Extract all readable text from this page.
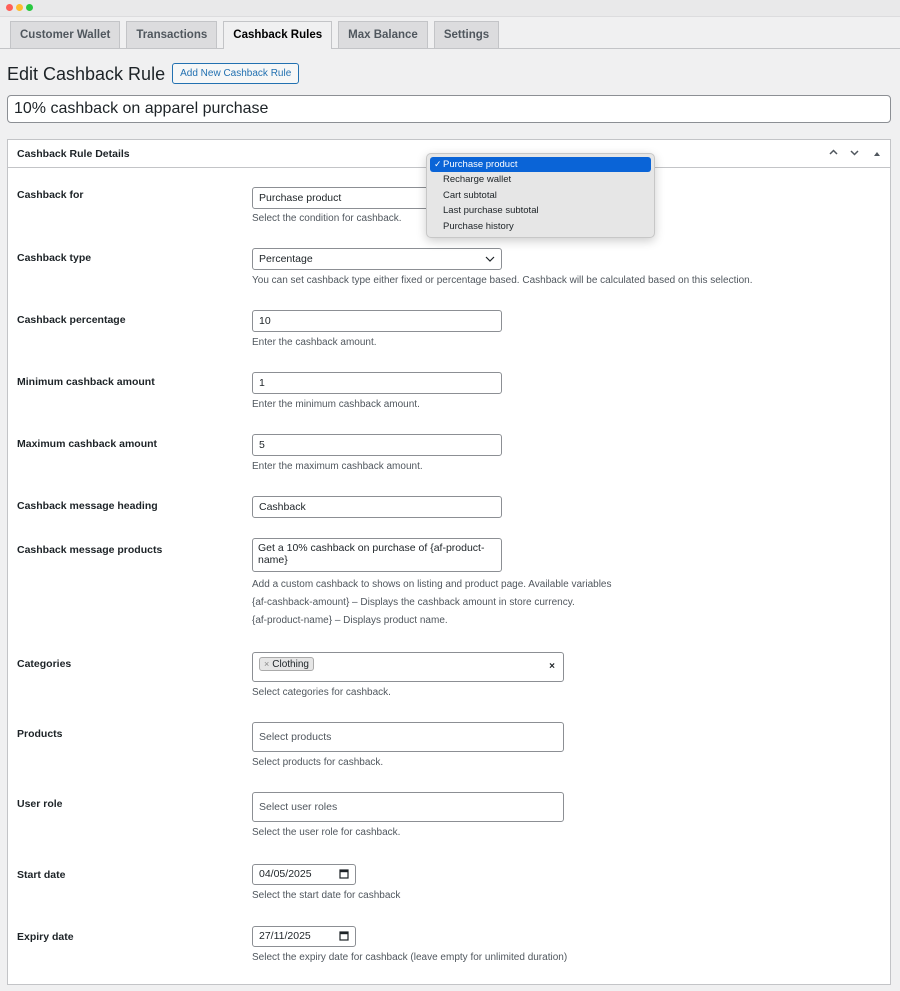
Customer Wallet	Transactions	Cashback Rules	Max Balance	Settings
Edit Cashback Rule	Add New Cashback Rule
10% cashback on apparel purchase
Cashback Rule Details

Cashback for	Purchase product
Select the condition for cashback.
Cashback type	Percentage
You can set cashback type either fixed or percentage based. Cashback will be calculated based on this selection.
Cashback percentage	10
Enter the cashback amount.
Minimum cashback amount	1
Enter the minimum cashback amount.
Maximum cashback amount	5
Enter the maximum cashback amount.
Cashback message heading	Cashback
Cashback message products	Get a 10% cashback on purchase of {af-product-name}
Add a custom cashback to shows on listing and product page. Available variables
{af-cashback-amount} – Displays the cashback amount in store currency.
{af-product-name} – Displays product name.
Categories	× Clothing	×
Select categories for cashback.
Products	Select products
Select products for cashback.
User role	Select user roles
Select the user role for cashback.
Start date	04/05/2025
Select the start date for cashback
Expiry date	27/11/2025
Select the expiry date for cashback (leave empty for unlimited duration)
✓ Purchase product
Recharge wallet
Cart subtotal
Last purchase subtotal
Purchase history
